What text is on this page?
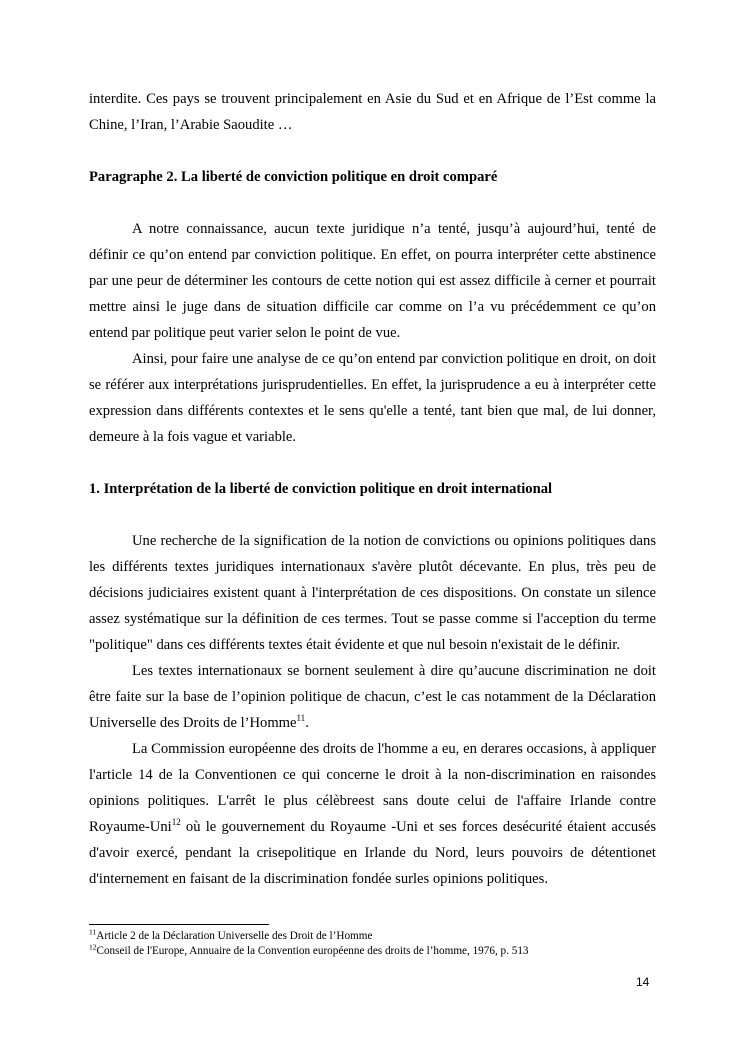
interdite. Ces pays se trouvent principalement en Asie du Sud et en Afrique de l’Est comme la Chine, l’Iran, l’Arabie Saoudite …

Paragraphe 2. La liberté de conviction politique en droit comparé

A notre connaissance, aucun texte juridique n’a tenté, jusqu’à aujourd’hui, tenté de définir ce qu’on entend par conviction politique. En effet, on pourra interpréter cette abstinence par une peur de déterminer les contours de cette notion qui est assez difficile à cerner et pourrait mettre ainsi le juge dans de situation difficile car comme on l’a vu précédemment ce qu’on entend par politique peut varier selon le point de vue.

Ainsi, pour faire une analyse de ce qu’on entend par conviction politique en droit, on doit se référer aux interprétations jurisprudentielles. En effet, la jurisprudence a eu à interpréter cette expression dans différents contextes et le sens qu'elle a tenté, tant bien que mal, de lui donner, demeure à la fois vague et variable.

1. Interprétation de la liberté de conviction politique en droit international

Une recherche de la signification de la notion de convictions ou opinions politiques dans les différents textes juridiques internationaux s'avère plutôt décevante. En plus, très peu de décisions judiciaires existent quant à l'interprétation de ces dispositions. On constate un silence assez systématique sur la définition de ces termes. Tout se passe comme si l'acception du terme "politique" dans ces différents textes était évidente et que nul besoin n'existait de le définir.

Les textes internationaux se bornent seulement à dire qu’aucune discrimination ne doit être faite sur la base de l’opinion politique de chacun, c’est le cas notamment de la Déclaration Universelle des Droits de l’Homme$^{11}$.

La Commission européenne des droits de l'homme a eu, en derares occasions, à appliquer l'article 14 de la Conventionen ce qui concerne le droit à la non-discrimination en raisondes opinions politiques. L'arrêt le plus célèbreest sans doute celui de l'affaire Irlande contre Royaume-Uni$^{12}$ où le gouvernement du Royaume -Uni et ses forces desécurité étaient accusés d'avoir exercé, pendant la crisepolitique en Irlande du Nord, leurs pouvoirs de détentionet d'internement en faisant de la discrimination fondée surles opinions politiques.

$^{11}$Article 2 de la Déclaration Universelle des Droit de l’Homme
$^{12}$Conseil de l'Europe, Annuaire de la Convention européenne des droits de l’homme, 1976, p. 513
14
